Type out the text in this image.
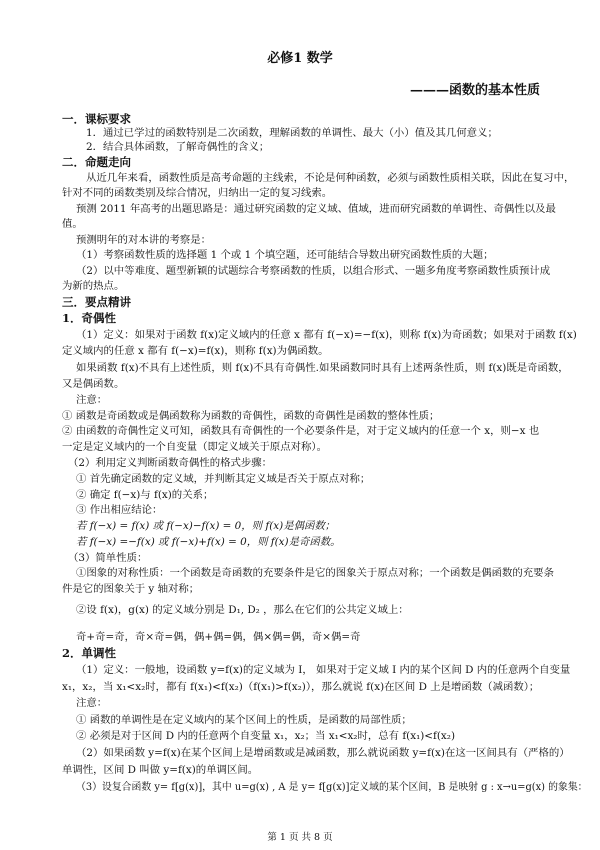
必修1 数学
———函数的基本性质
一．课标要求
1．通过已学过的函数特别是二次函数，理解函数的单调性、最大（小）值及其几何意义；
2．结合具体函数，了解奇偶性的含义；
二．命题走向
从近几年来看，函数性质是高考命题的主线索，不论是何种函数，必须与函数性质相关联，因此在复习中，
针对不同的函数类别及综合情况，归纳出一定的复习线索。
预测 2011 年高考的出题思路是：通过研究函数的定义域、值域，进而研究函数的单调性、奇偶性以及最
值。
预测明年的对本讲的考察是：
（1）考察函数性质的选择题 1 个或 1 个填空题，还可能结合导数出研究函数性质的大题；
（2）以中等难度、题型新颖的试题综合考察函数的性质，以组合形式、一题多角度考察函数性质预计成
为新的热点。
三．要点精讲
1．奇偶性
（1）定义：如果对于函数 f(x)定义域内的任意 x 都有 f(−x)=−f(x)，则称 f(x)为奇函数；如果对于函数 f(x)
定义域内的任意 x 都有 f(−x)=f(x)，则称 f(x)为偶函数。
如果函数 f(x)不具有上述性质，则 f(x)不具有奇偶性.如果函数同时具有上述两条性质，则 f(x)既是奇函数，
又是偶函数。
注意：
① 函数是奇函数或是偶函数称为函数的奇偶性，函数的奇偶性是函数的整体性质；
② 由函数的奇偶性定义可知，函数具有奇偶性的一个必要条件是，对于定义域内的任意一个 x，则−x 也
一定是定义域内的一个自变量（即定义域关于原点对称）。
（2）利用定义判断函数奇偶性的格式步骤：
① 首先确定函数的定义域，并判断其定义域是否关于原点对称；
② 确定 f(−x)与 f(x)的关系；
③ 作出相应结论：
若 f(−x) = f(x) 或 f(−x)−f(x) = 0，则 f(x)是偶函数；
若 f(−x) =−f(x) 或 f(−x)+f(x) = 0，则 f(x)是奇函数。
（3）简单性质：
①图象的对称性质：一个函数是奇函数的充要条件是它的图象关于原点对称；一个函数是偶函数的充要条
件是它的图象关于 y 轴对称；
②设 f(x)，g(x) 的定义域分别是 D₁, D₂ ，那么在它们的公共定义域上：
奇+奇=奇，奇×奇=偶，偶+偶=偶，偶×偶=偶，奇×偶=奇
2．单调性
（1）定义：一般地，设函数 y=f(x)的定义域为 I， 如果对于定义域 I 内的某个区间 D 内的任意两个自变量
x₁，x₂，当 x₁<x₂时，都有 f(x₁)<f(x₂)（f(x₁)>f(x₂)），那么就说 f(x)在区间 D 上是增函数（减函数）；
注意：
① 函数的单调性是在定义域内的某个区间上的性质，是函数的局部性质；
② 必须是对于区间 D 内的任意两个自变量 x₁，x₂；当 x₁<x₂时，总有 f(x₁)<f(x₂)
（2）如果函数 y=f(x)在某个区间上是增函数或是减函数，那么就说函数 y=f(x)在这一区间具有（严格的）
单调性，区间 D 叫做 y=f(x)的单调区间。
（3）设复合函数 y= f[g(x)]，其中 u=g(x) , A 是 y= f[g(x)]定义域的某个区间，B 是映射 g : x→u=g(x) 的象集：
第 1 页 共 8 页
